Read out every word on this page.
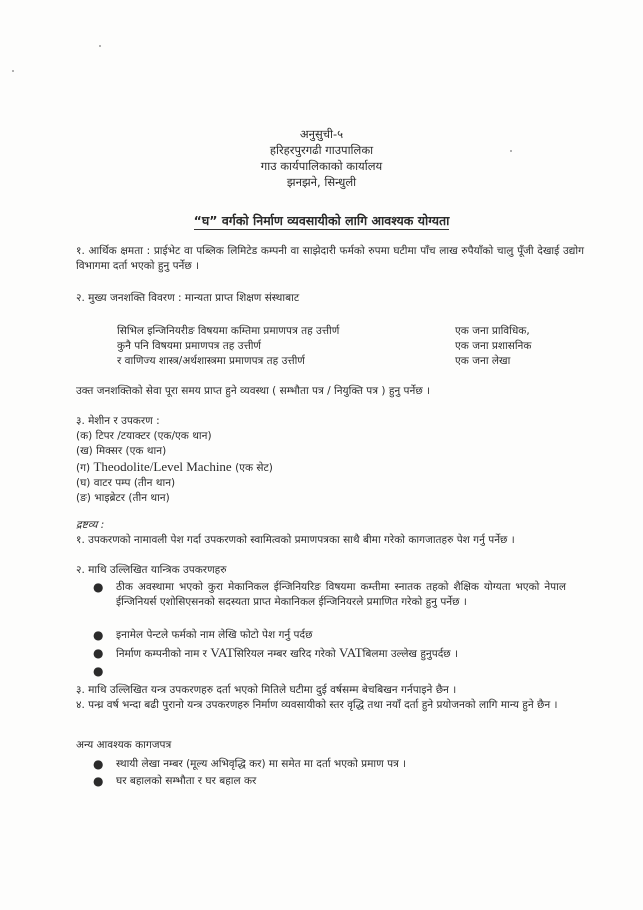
अनुसुची-५
हरिहरपुरगढी गाउपालिका
गाउ कार्यपालिकाको कार्यालय
झनझने, सिन्धुली
“घ” वर्गको निर्माण व्यवसायीको लागि आवश्यक योग्यता
१. आर्थिक क्षमता : प्राईभेट वा पब्लिक लिमिटेड कम्पनी वा साझेदारी फर्मको रुपमा घटीमा पाँच लाख रुपैयाँको चालु पूँजी देखाई उद्योग विभागमा दर्ता भएको हुनु पर्नेछ ।
२. मुख्य जनशक्ति विवरण : मान्यता प्राप्त शिक्षण संस्थाबाट
सिभिल इन्जिनियरीङ विषयमा कम्तिमा प्रमाणपत्र तह उत्तीर्ण	एक जना प्राविधिक,
कुनै पनि विषयमा प्रमाणपत्र तह उत्तीर्ण	एक जना प्रशासनिक
र वाणिज्य शास्त्र/अर्थशास्त्रमा प्रमाणपत्र तह उत्तीर्ण	एक जना लेखा
उक्त जनशक्तिको सेवा पूरा समय प्राप्त हुने व्यवस्था ( सम्भौता पत्र / नियुक्ति पत्र ) हुनु पर्नेछ ।
३. मेशीन र उपकरण :
(क) टिपर /टयाक्टर (एक/एक थान)
(ख) मिक्सर (एक थान)
(ग) Theodolite/Level Machine (एक सेट)
(घ) वाटर पम्प (तीन थान)
(ङ) भाइब्रेटर (तीन थान)
द्रष्टव्य :
१. उपकरणको नामावली पेश गर्दा उपकरणको स्वामित्वको प्रमाणपत्रका साथै बीमा गरेको कागजातहरु पेश गर्नु पर्नेछ ।
२. माथि उल्लिखित यान्त्रिक उपकरणहरु
● ठीक अवस्थामा भएको कुरा मेकानिकल ईन्जिनियरिङ विषयमा कम्तीमा स्नातक तहको शैक्षिक योग्यता भएको नेपाल ईन्जिनियर्स एशोसिएसनको सदस्यता प्राप्त मेकानिकल ईन्जिनियरले प्रमाणित गरेको हुनु पर्नेछ ।
● इनामेल पेन्टले फर्मको नाम लेखि फोटो पेश गर्नु पर्दछ
● निर्माण कम्पनीको नाम र VATसिरियल नम्बर खरिद गरेको VATबिलमा उल्लेख हुनुपर्दछ ।
●
३. माथि उल्लिखित यन्त्र उपकरणहरु दर्ता भएको मितिले घटीमा दुई वर्षसम्म बेचबिखन गर्नपाइने छैन ।
४. पन्ध्र वर्ष भन्दा बढी पुरानो यन्त्र उपकरणहरु निर्माण व्यवसायीको स्तर वृद्धि तथा नयाँ दर्ता हुने प्रयोजनको लागि मान्य हुने छैन ।
अन्य आवश्यक कागजपत्र
● स्थायी लेखा नम्बर (मूल्य अभिवृद्धि कर) मा समेत मा दर्ता भएको प्रमाण पत्र ।
● घर बहालको सम्भौता र घर बहाल कर
